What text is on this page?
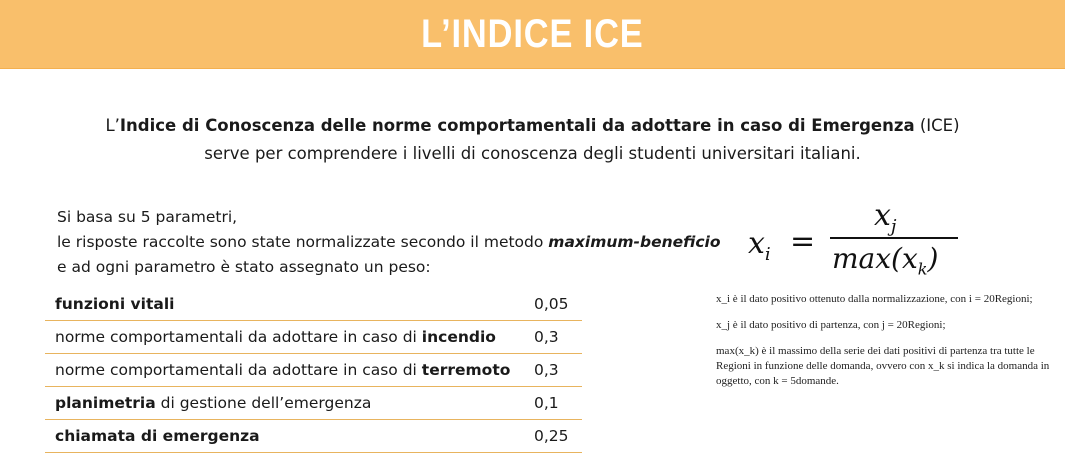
L’INDICE ICE
L’Indice di Conoscenza delle norme comportamentali da adottare in caso di Emergenza (ICE)
serve per comprendere i livelli di conoscenza degli studenti universitari italiani.
Si basa su 5 parametri,
le risposte raccolte sono state normalizzate secondo il metodo maximum-beneficio
e ad ogni parametro è stato assegnato un peso:
funzioni vitali	0,05
norme comportamentali da adottare in caso di incendio	0,3
norme comportamentali da adottare in caso di terremoto	0,3
planimetria di gestione dell’emergenza	0,1
chiamata di emergenza	0,25
$x_i$ =
$x_j$
$\max(x_k)$

x_i è il dato positivo ottenuto dalla normalizzazione, con i = 20Regioni;

x_j è il dato positivo di partenza, con j = 20Regioni;

max(x_k) è il massimo della serie dei dati positivi di partenza tra tutte le Regioni in funzione delle domanda, ovvero con x_k si indica la domanda in oggetto, con k = 5domande.
